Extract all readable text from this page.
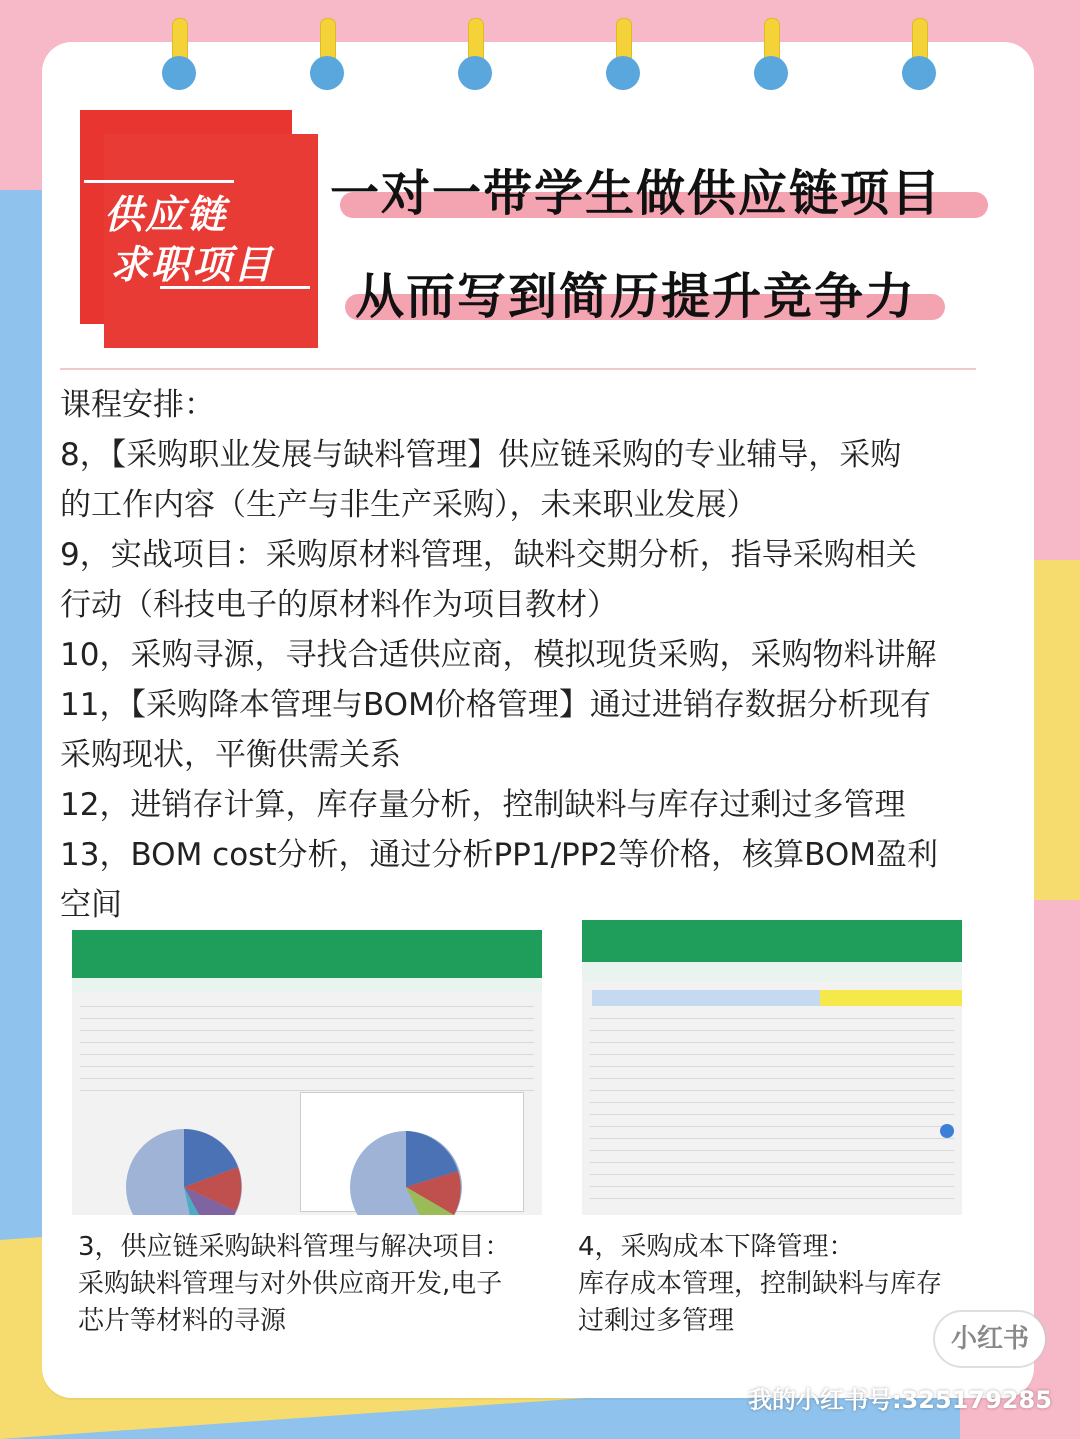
供应链
求职项目
一对一带学生做供应链项目
从而写到简历提升竞争力
课程安排：
8，【采购职业发展与缺料管理】供应链采购的专业辅导，采购
的工作内容（生产与非生产采购），未来职业发展）
9，实战项目：采购原材料管理，缺料交期分析，指导采购相关
行动（科技电子的原材料作为项目教材）
10，采购寻源，寻找合适供应商，模拟现货采购，采购物料讲解
11，【采购降本管理与BOM价格管理】通过进销存数据分析现有
采购现状，平衡供需关系
12，进销存计算，库存量分析，控制缺料与库存过剩过多管理
13，BOM cost分析，通过分析PP1/PP2等价格，核算BOM盈利
空间
3，供应链采购缺料管理与解决项目：
采购缺料管理与对外供应商开发,电子
芯片等材料的寻源
4，采购成本下降管理：
库存成本管理，控制缺料与库存
过剩过多管理
小红书
我的小红书号:325179285
